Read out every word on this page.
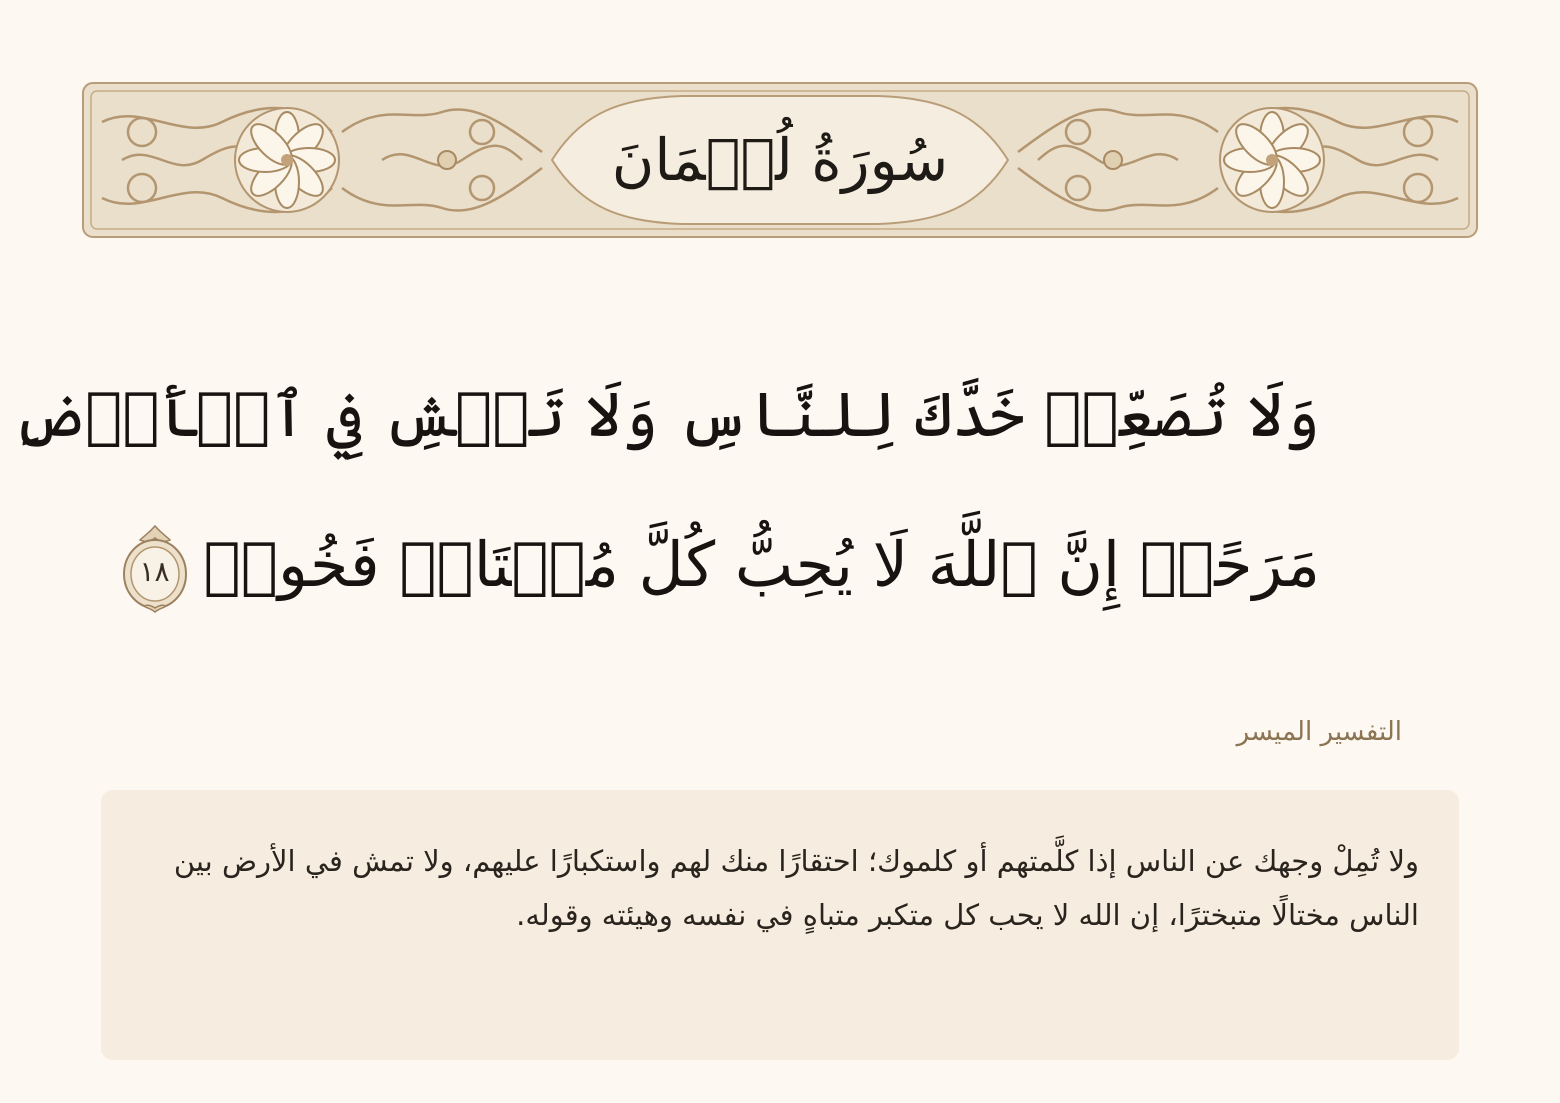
سُورَةُ لُقۡمَانَ
وَلَا تُصَعِّرۡ خَدَّكَ لِلنَّاسِ وَلَا تَمۡشِ فِي ٱلۡأَرۡضِ
مَرَحًاۖ إِنَّ ٱللَّهَ لَا يُحِبُّ كُلَّ مُخۡتَالٖ فَخُورٖ
١٨
التفسير الميسر

ولا تُمِلْ وجهك عن الناس إذا كلَّمتهم أو كلموك؛ احتقارًا منك لهم واستكبارًا عليهم، ولا تمش في الأرض بين الناس مختالًا متبخترًا، إن الله لا يحب كل متكبر متباهٍ في نفسه وهيئته وقوله.
